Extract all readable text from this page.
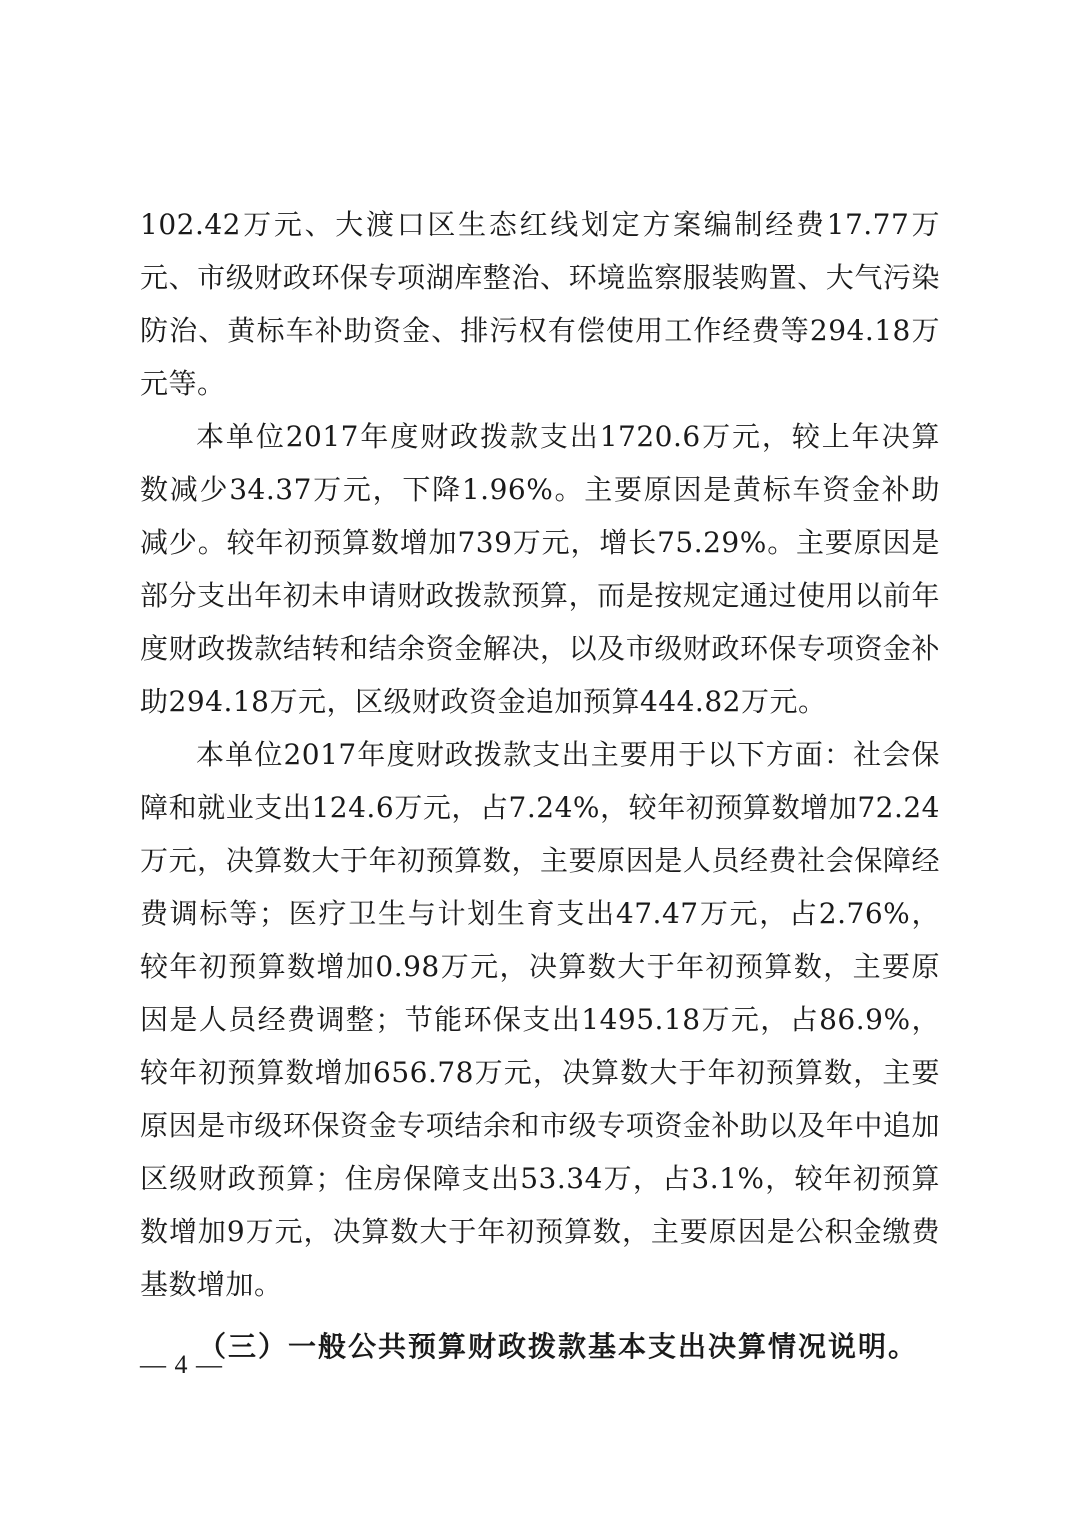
102.42万元、大渡口区生态红线划定方案编制经费17.77万元、市级财政环保专项湖库整治、环境监察服装购置、大气污染防治、黄标车补助资金、排污权有偿使用工作经费等294.18万元等。

本单位2017年度财政拨款支出1720.6万元，较上年决算数减少34.37万元，下降1.96%。主要原因是黄标车资金补助减少。较年初预算数增加739万元，增长75.29%。主要原因是部分支出年初未申请财政拨款预算，而是按规定通过使用以前年度财政拨款结转和结余资金解决，以及市级财政环保专项资金补助294.18万元，区级财政资金追加预算444.82万元。

本单位2017年度财政拨款支出主要用于以下方面：社会保障和就业支出124.6万元，占7.24%，较年初预算数增加72.24万元，决算数大于年初预算数，主要原因是人员经费社会保障经费调标等；医疗卫生与计划生育支出47.47万元，占2.76%，较年初预算数增加0.98万元，决算数大于年初预算数，主要原因是人员经费调整；节能环保支出1495.18万元，占86.9%，较年初预算数增加656.78万元，决算数大于年初预算数，主要原因是市级环保资金专项结余和市级专项资金补助以及年中追加区级财政预算；住房保障支出53.34万，占3.1%，较年初预算数增加9万元，决算数大于年初预算数，主要原因是公积金缴费基数增加。

（三）一般公共预算财政拨款基本支出决算情况说明。

— 4 —
